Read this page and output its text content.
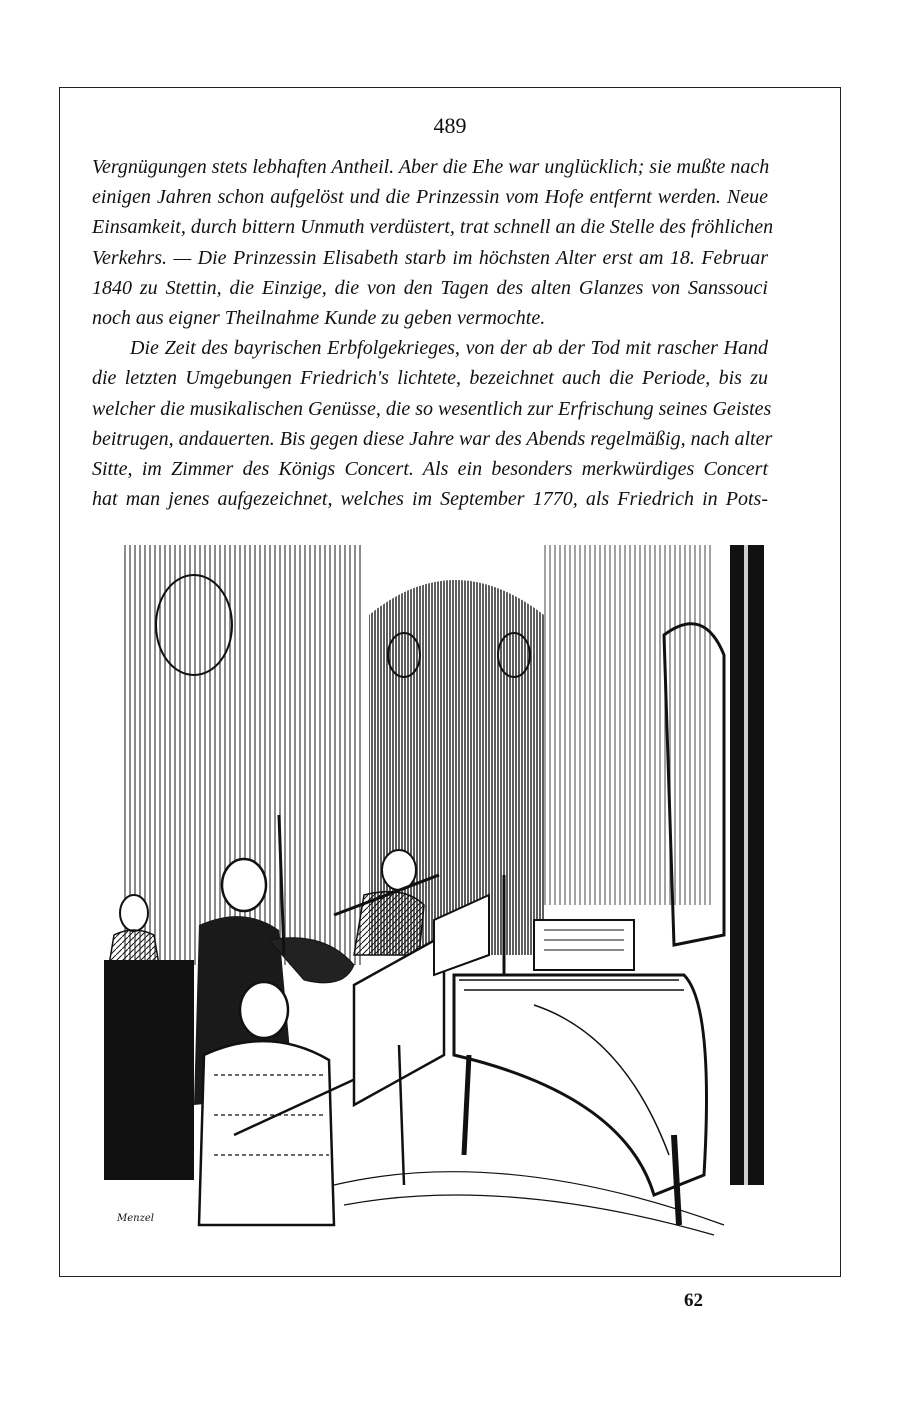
489

Vergnügungen stets lebhaften Antheil. Aber die Ehe war unglücklich; sie mußte nach
einigen Jahren schon aufgelöst und die Prinzessin vom Hofe entfernt werden. Neue
Einsamkeit, durch bittern Unmuth verdüstert, trat schnell an die Stelle des fröhlichen
Verkehrs. — Die Prinzessin Elisabeth starb im höchsten Alter erst am 18. Februar
1840 zu Stettin, die Einzige, die von den Tagen des alten Glanzes von Sanssouci
noch aus eigner Theilnahme Kunde zu geben vermochte.

Die Zeit des bayrischen Erbfolgekrieges, von der ab der Tod mit rascher Hand
die letzten Umgebungen Friedrich's lichtete, bezeichnet auch die Periode, bis zu
welcher die musikalischen Genüsse, die so wesentlich zur Erfrischung seines Geistes
beitrugen, andauerten. Bis gegen diese Jahre war des Abends regelmäßig, nach alter
Sitte, im Zimmer des Königs Concert. Als ein besonders merkwürdiges Concert
hat man jenes aufgezeichnet, welches im September 1770, als Friedrich in Pots-

Menzel
62
